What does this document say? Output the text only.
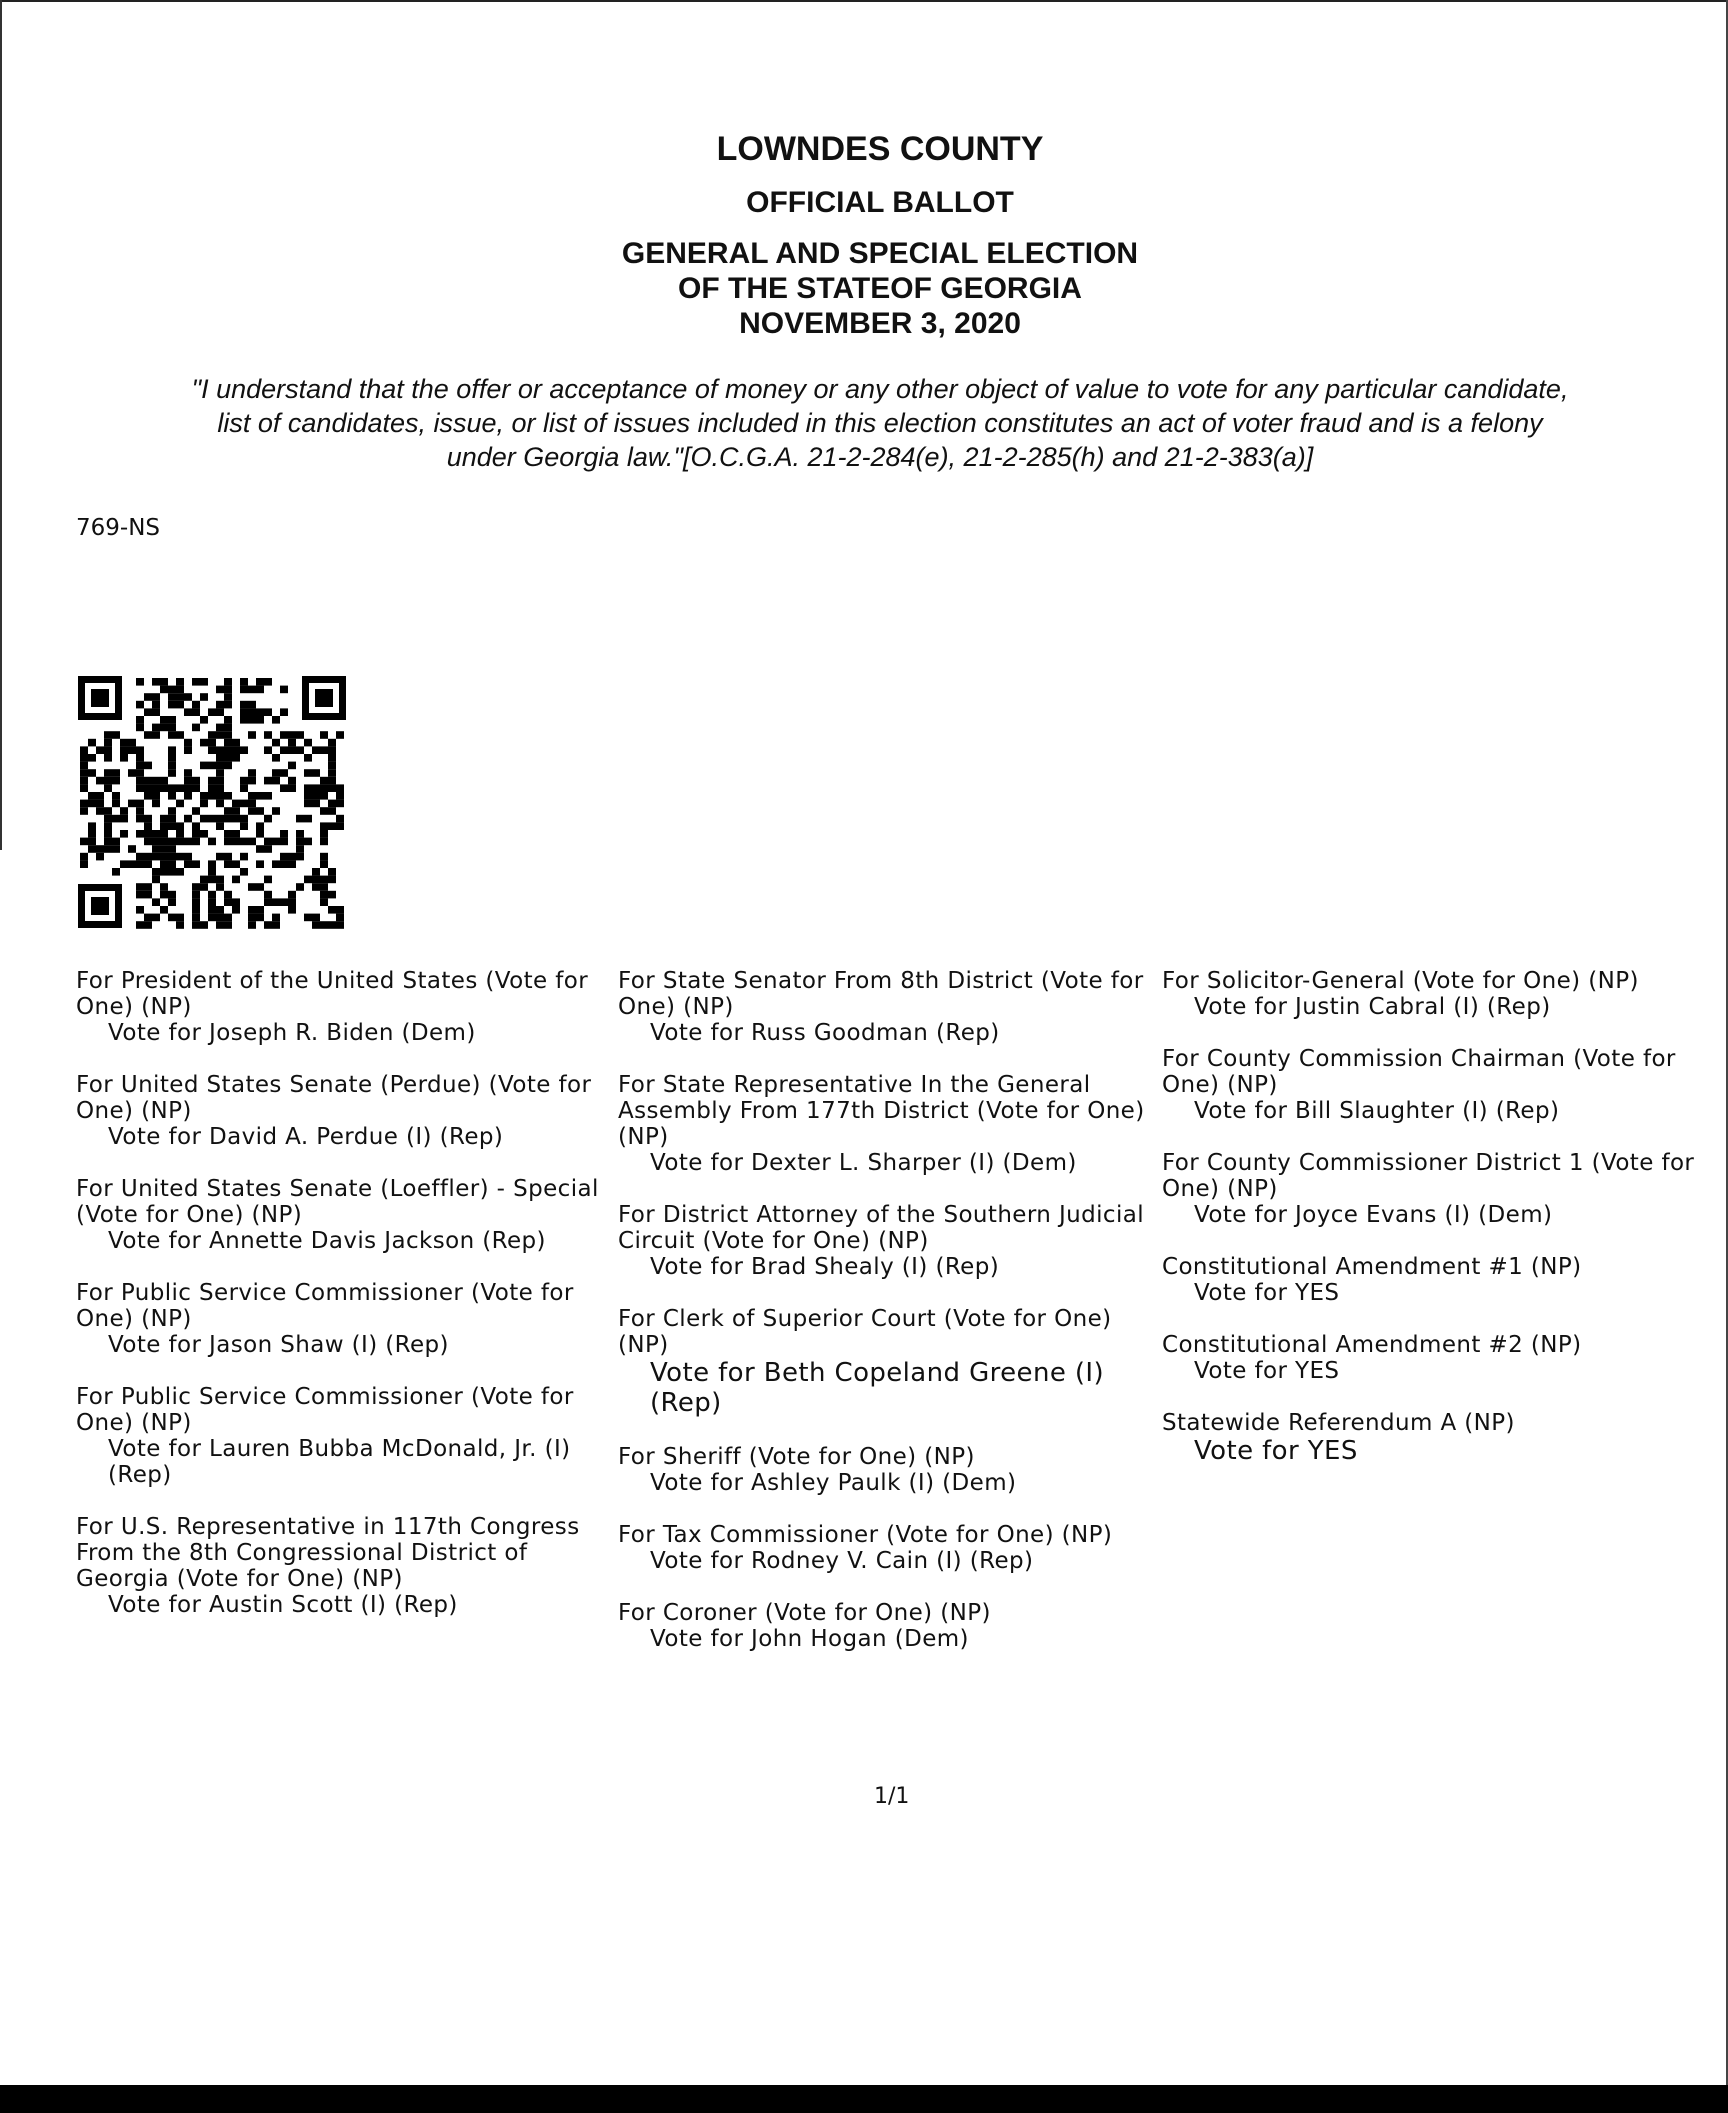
LOWNDES COUNTY
OFFICIAL BALLOT
GENERAL AND SPECIAL ELECTION
OF THE STATEOF GEORGIA
NOVEMBER 3, 2020
"I understand that the offer or acceptance of money or any other object of value to vote for any particular candidate,
list of candidates, issue, or list of issues included in this election constitutes an act of voter fraud and is a felony
under Georgia law."[O.C.G.A. 21-2-284(e), 21-2-285(h) and 21-2-383(a)]
769-NS
For President of the United States (Vote for One) (NP)
Vote for Joseph R. Biden (Dem)
For United States Senate (Perdue) (Vote for One) (NP)
Vote for David A. Perdue (I) (Rep)
For United States Senate (Loeffler) - Special (Vote for One) (NP)
Vote for Annette Davis Jackson (Rep)
For Public Service Commissioner (Vote for One) (NP)
Vote for Jason Shaw (I) (Rep)
For Public Service Commissioner (Vote for One) (NP)
Vote for Lauren Bubba McDonald, Jr. (I) (Rep)
For U.S. Representative in 117th Congress From the 8th Congressional District of Georgia (Vote for One) (NP)
Vote for Austin Scott (I) (Rep)
For State Senator From 8th District (Vote for One) (NP)
Vote for Russ Goodman (Rep)
For State Representative In the General Assembly From 177th District (Vote for One) (NP)
Vote for Dexter L. Sharper (I) (Dem)
For District Attorney of the Southern Judicial Circuit (Vote for One) (NP)
Vote for Brad Shealy (I) (Rep)
For Clerk of Superior Court (Vote for One) (NP)
Vote for Beth Copeland Greene (I) (Rep)
For Sheriff (Vote for One) (NP)
Vote for Ashley Paulk (I) (Dem)
For Tax Commissioner (Vote for One) (NP)
Vote for Rodney V. Cain (I) (Rep)
For Coroner (Vote for One) (NP)
Vote for John Hogan (Dem)
For Solicitor-General (Vote for One) (NP)
Vote for Justin Cabral (I) (Rep)
For County Commission Chairman (Vote for One) (NP)
Vote for Bill Slaughter (I) (Rep)
For County Commissioner District 1 (Vote for One) (NP)
Vote for Joyce Evans (I) (Dem)
Constitutional Amendment #1 (NP)
Vote for YES
Constitutional Amendment #2 (NP)
Vote for YES
Statewide Referendum A (NP)
Vote for YES
1/1
